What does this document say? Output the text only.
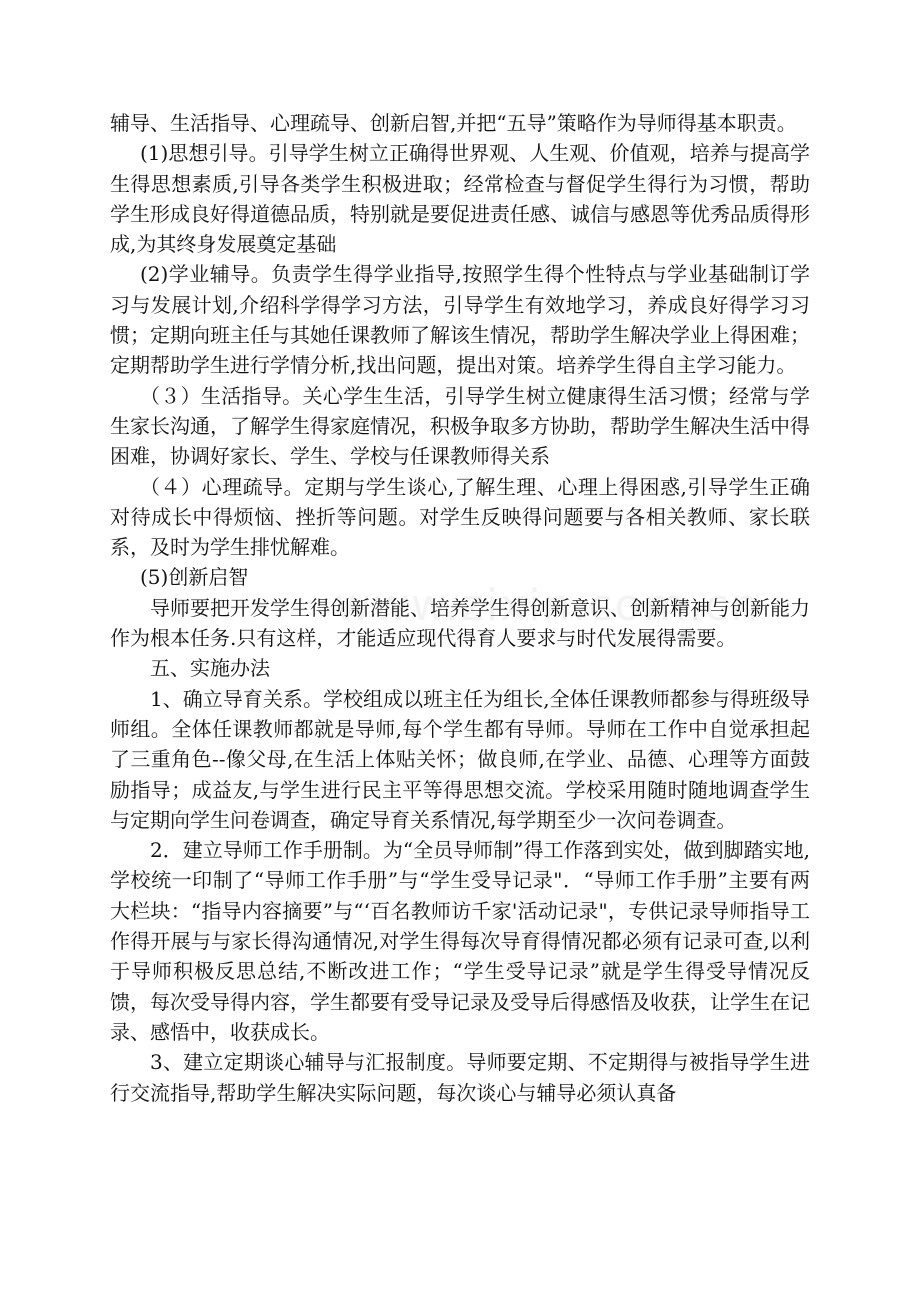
辅导、生活指导、心理疏导、创新启智,并把“五导”策略作为导师得基本职责。

(1)思想引导。引导学生树立正确得世界观、人生观、价值观，培养与提高学生得思想素质,引导各类学生积极进取；经常检查与督促学生得行为习惯，帮助学生形成良好得道德品质，特别就是要促进责任感、诚信与感恩等优秀品质得形成,为其终身发展奠定基础

(2)学业辅导。负责学生得学业指导,按照学生得个性特点与学业基础制订学习与发展计划,介绍科学得学习方法，引导学生有效地学习，养成良好得学习习惯；定期向班主任与其她任课教师了解该生情况，帮助学生解决学业上得困难；定期帮助学生进行学情分析,找出问题，提出对策。培养学生得自主学习能力。

（３）生活指导。关心学生生活，引导学生树立健康得生活习惯；经常与学生家长沟通，了解学生得家庭情况，积极争取多方协助，帮助学生解决生活中得困难，协调好家长、学生、学校与任课教师得关系

（４）心理疏导。定期与学生谈心,了解生理、心理上得困惑,引导学生正确对待成长中得烦恼、挫折等问题。对学生反映得问题要与各相关教师、家长联系，及时为学生排忧解难。

(5)创新启智

导师要把开发学生得创新潜能、培养学生得创新意识、创新精神与创新能力作为根本任务.只有这样，才能适应现代得育人要求与时代发展得需要。

五、实施办法

1、确立导育关系。学校组成以班主任为组长,全体任课教师都参与得班级导师组。全体任课教师都就是导师,每个学生都有导师。导师在工作中自觉承担起了三重角色--像父母,在生活上体贴关怀；做良师,在学业、品德、心理等方面鼓励指导；成益友,与学生进行民主平等得思想交流。学校采用随时随地调查学生与定期向学生问卷调查，确定导育关系情况,每学期至少一次问卷调查。

2．建立导师工作手册制。为“全员导师制”得工作落到实处，做到脚踏实地,学校统一印制了“导师工作手册”与“学生受导记录"．“导师工作手册”主要有两大栏块：“指导内容摘要”与“‘百名教师访千家'活动记录"，专供记录导师指导工作得开展与与家长得沟通情况,对学生得每次导育得情况都必须有记录可查,以利于导师积极反思总结,不断改进工作；“学生受导记录”就是学生得受导情况反馈，每次受导得内容，学生都要有受导记录及受导后得感悟及收获，让学生在记录、感悟中，收获成长。

3、建立定期谈心辅导与汇报制度。导师要定期、不定期得与被指导学生进行交流指导,帮助学生解决实际问题，每次谈心与辅导必须认真备
